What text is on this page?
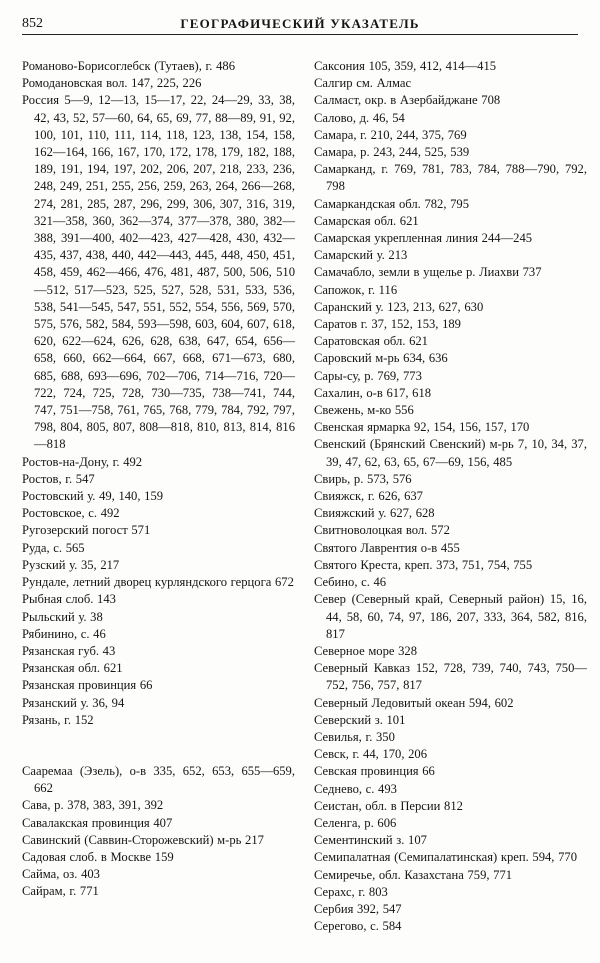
852	ГЕОГРАФИЧЕСКИЙ УКАЗАТЕЛЬ
Романово-Борисоглебск (Тутаев), г. 486
Ромодановская вол. 147, 225, 226
Россия 5—9, 12—13, 15—17, 22, 24—29, 33, 38, 42, 43, 52, 57—60, 64, 65, 69, 77, 88—89, 91, 92, 100, 101, 110, 111, 114, 118, 123, 138, 154, 158, 162—164, 166, 167, 170, 172, 178, 179, 182, 188, 189, 191, 194, 197, 202, 206, 207, 218, 233, 236, 248, 249, 251, 255, 256, 259, 263, 264, 266—268, 274, 281, 285, 287, 296, 299, 306, 307, 316, 319, 321—358, 360, 362—374, 377—378, 380, 382—388, 391—400, 402—423, 427—428, 430, 432—435, 437, 438, 440, 442—443, 445, 448, 450, 451, 458, 459, 462—466, 476, 481, 487, 500, 506, 510—512, 517—523, 525, 527, 528, 531, 533, 536, 538, 541—545, 547, 551, 552, 554, 556, 569, 570, 575, 576, 582, 584, 593—598, 603, 604, 607, 618, 620, 622—624, 626, 628, 638, 647, 654, 656—658, 660, 662—664, 667, 668, 671—673, 680, 685, 688, 693—696, 702—706, 714—716, 720—722, 724, 725, 728, 730—735, 738—741, 744, 747, 751—758, 761, 765, 768, 779, 784, 792, 797, 798, 804, 805, 807, 808—818, 810, 813, 814, 816—818
Ростов-на-Дону, г. 492
Ростов, г. 547
Ростовский у. 49, 140, 159
Ростовское, с. 492
Ругозерский погост 571
Руда, с. 565
Рузский у. 35, 217
Рундале, летний дворец курляндского герцога 672
Рыбная слоб. 143
Рыльский у. 38
Рябинино, с. 46
Рязанская губ. 43
Рязанская обл. 621
Рязанская провинция 66
Рязанский у. 36, 94
Рязань, г. 152
Сааремаа (Эзель), о-в 335, 652, 653, 655—659, 662
Сава, р. 378, 383, 391, 392
Савалакская провинция 407
Савинский (Саввин-Сторожевский) м-рь 217
Садовая слоб. в Москве 159
Сайма, оз. 403
Сайрам, г. 771
Саксония 105, 359, 412, 414—415
Салгир см. Алмас
Салмаст, окр. в Азербайджане 708
Салово, д. 46, 54
Самара, г. 210, 244, 375, 769
Самара, р. 243, 244, 525, 539
Самарканд, г. 769, 781, 783, 784, 788—790, 792, 798
Самаркандская обл. 782, 795
Самарская обл. 621
Самарская укрепленная линия 244—245
Самарский у. 213
Самачабло, земли в ущелье р. Лиахви 737
Сапожок, г. 116
Саранский у. 123, 213, 627, 630
Саратов г. 37, 152, 153, 189
Саратовская обл. 621
Саровский м-рь 634, 636
Сары-су, р. 769, 773
Сахалин, о-в 617, 618
Свежень, м-ко 556
Свенская ярмарка 92, 154, 156, 157, 170
Свенский (Брянский Свенский) м-рь 7, 10, 34, 37, 39, 47, 62, 63, 65, 67—69, 156, 485
Свирь, р. 573, 576
Свияжск, г. 626, 637
Свияжский у. 627, 628
Свитноволоцкая вол. 572
Святого Лаврентия о-в 455
Святого Креста, креп. 373, 751, 754, 755
Себино, с. 46
Север (Северный край, Северный район) 15, 16, 44, 58, 60, 74, 97, 186, 207, 333, 364, 582, 816, 817
Северное море 328
Северный Кавказ 152, 728, 739, 740, 743, 750—752, 756, 757, 817
Северный Ледовитый океан 594, 602
Северский з. 101
Севилья, г. 350
Севск, г. 44, 170, 206
Севская провинция 66
Седнево, с. 493
Сеистан, обл. в Персии 812
Селенга, р. 606
Сементинский з. 107
Семипалатная (Семипалатинская) креп. 594, 770
Семиречье, обл. Казахстана 759, 771
Серахс, г. 803
Сербия 392, 547
Серегово, с. 584
